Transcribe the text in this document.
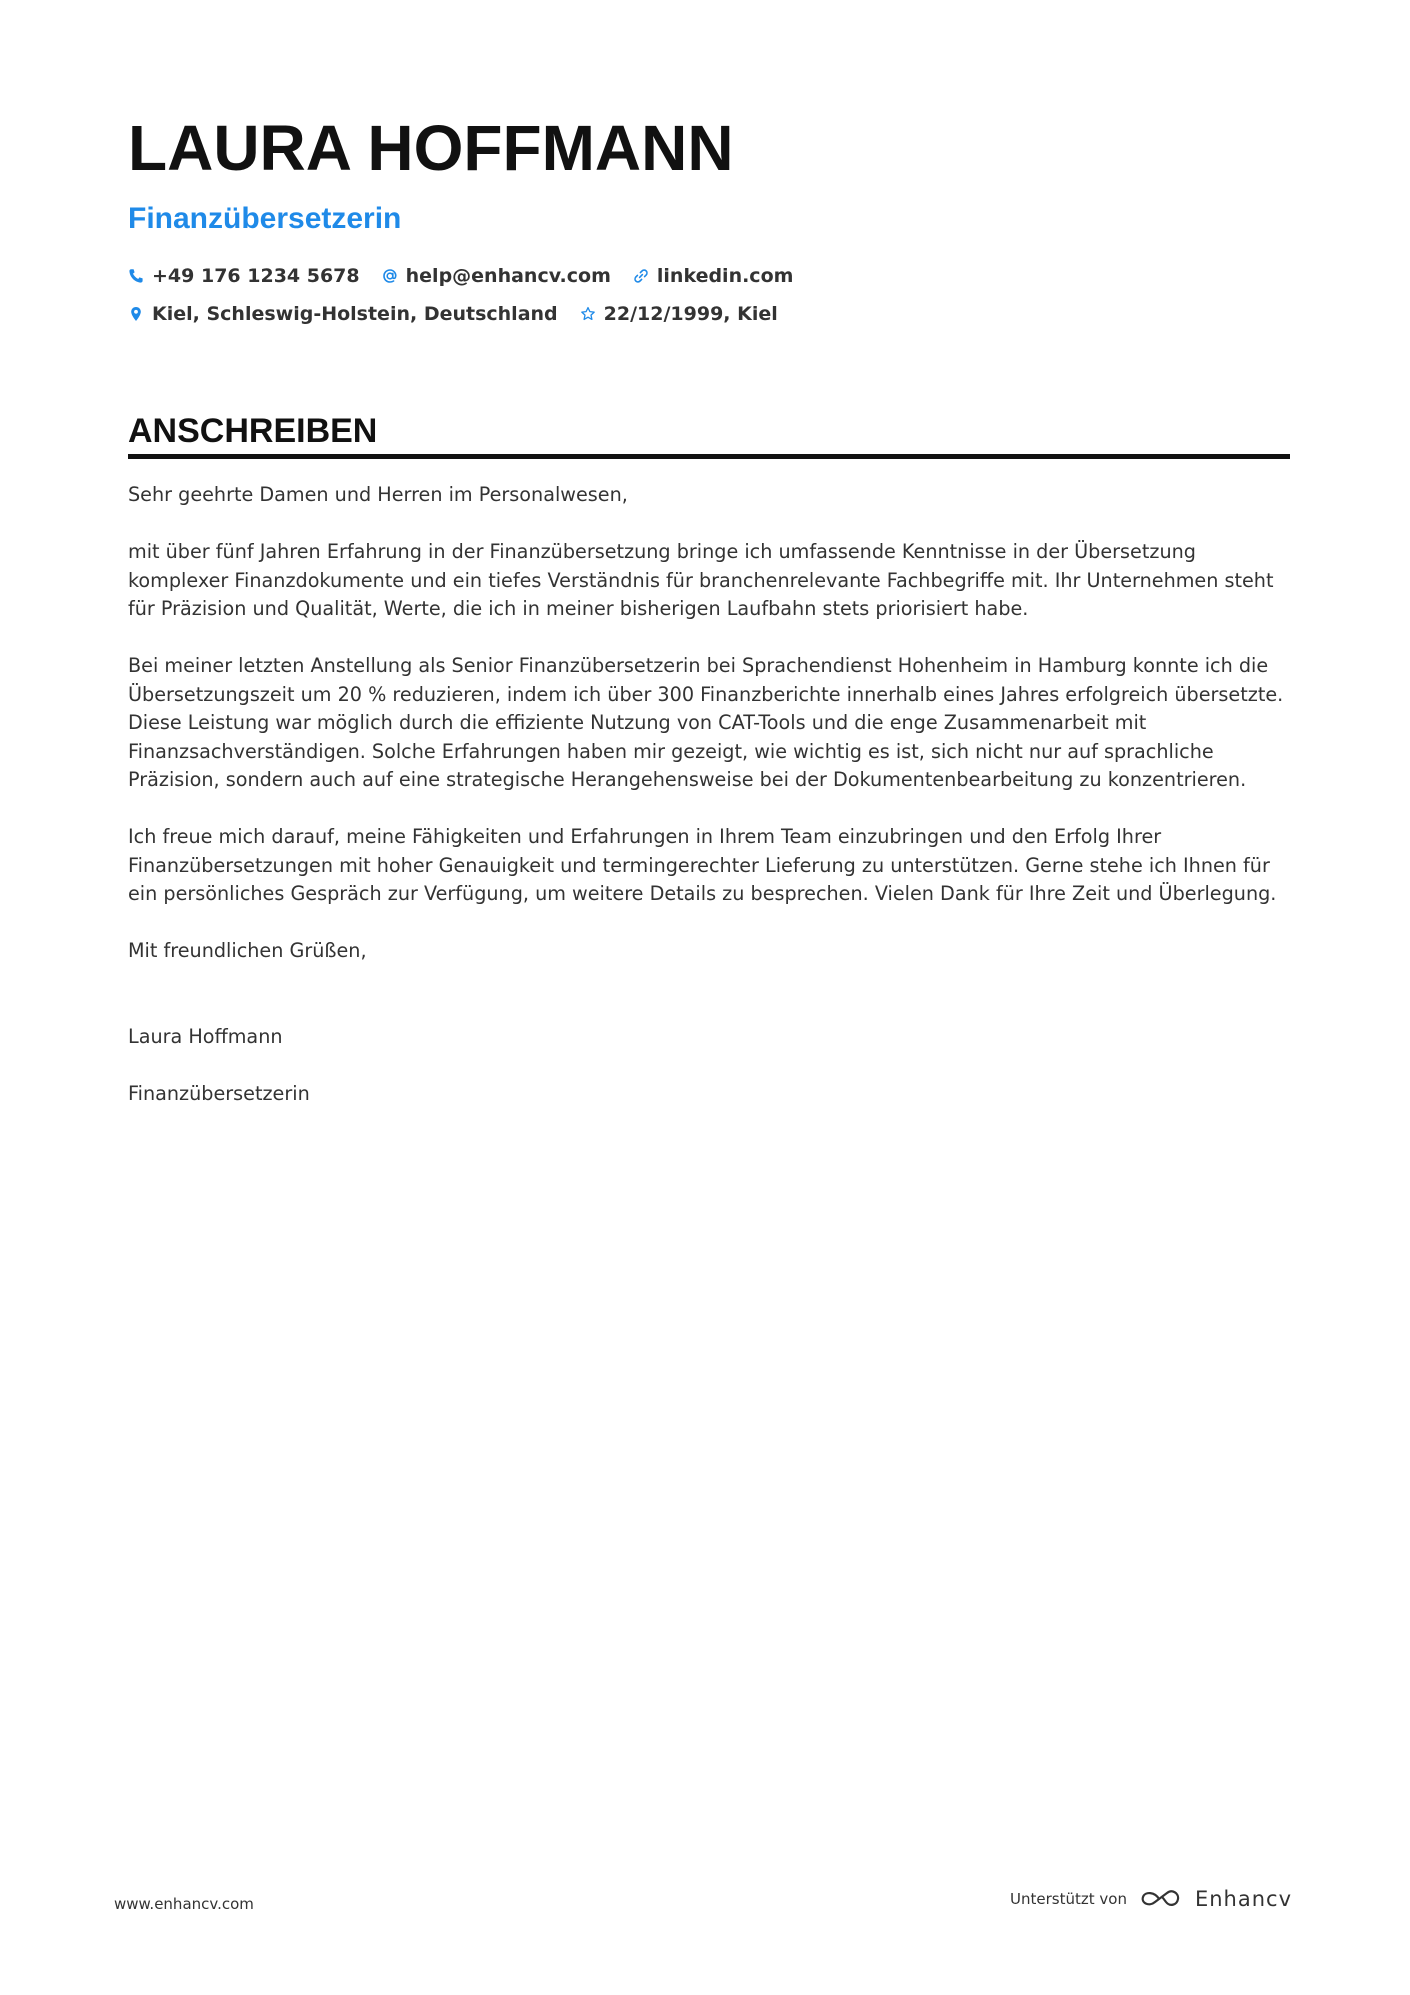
LAURA HOFFMANN
Finanzübersetzerin
+49 176 1234 5678 help@enhancv.com linkedin.com
Kiel, Schleswig-Holstein, Deutschland 22/12/1999, Kiel
ANSCHREIBEN

Sehr geehrte Damen und Herren im Personalwesen,

mit über fünf Jahren Erfahrung in der Finanzübersetzung bringe ich umfassende Kenntnisse in der Übersetzung komplexer Finanzdokumente und ein tiefes Verständnis für branchenrelevante Fachbegriffe mit. Ihr Unternehmen steht für Präzision und Qualität, Werte, die ich in meiner bisherigen Laufbahn stets priorisiert habe.

Bei meiner letzten Anstellung als Senior Finanzübersetzerin bei Sprachendienst Hohenheim in Hamburg konnte ich die Übersetzungszeit um 20 % reduzieren, indem ich über 300 Finanzberichte innerhalb eines Jahres erfolgreich übersetzte. Diese Leistung war möglich durch die effiziente Nutzung von CAT-Tools und die enge Zusammenarbeit mit Finanzsachverständigen. Solche Erfahrungen haben mir gezeigt, wie wichtig es ist, sich nicht nur auf sprachliche Präzision, sondern auch auf eine strategische Herangehensweise bei der Dokumentenbearbeitung zu konzentrieren.

Ich freue mich darauf, meine Fähigkeiten und Erfahrungen in Ihrem Team einzubringen und den Erfolg Ihrer Finanzübersetzungen mit hoher Genauigkeit und termingerechter Lieferung zu unterstützen. Gerne stehe ich Ihnen für ein persönliches Gespräch zur Verfügung, um weitere Details zu besprechen. Vielen Dank für Ihre Zeit und Überlegung.

Mit freundlichen Grüßen,

Laura Hoffmann

Finanzübersetzerin

www.enhancv.com	Unterstützt von	Enhancv
